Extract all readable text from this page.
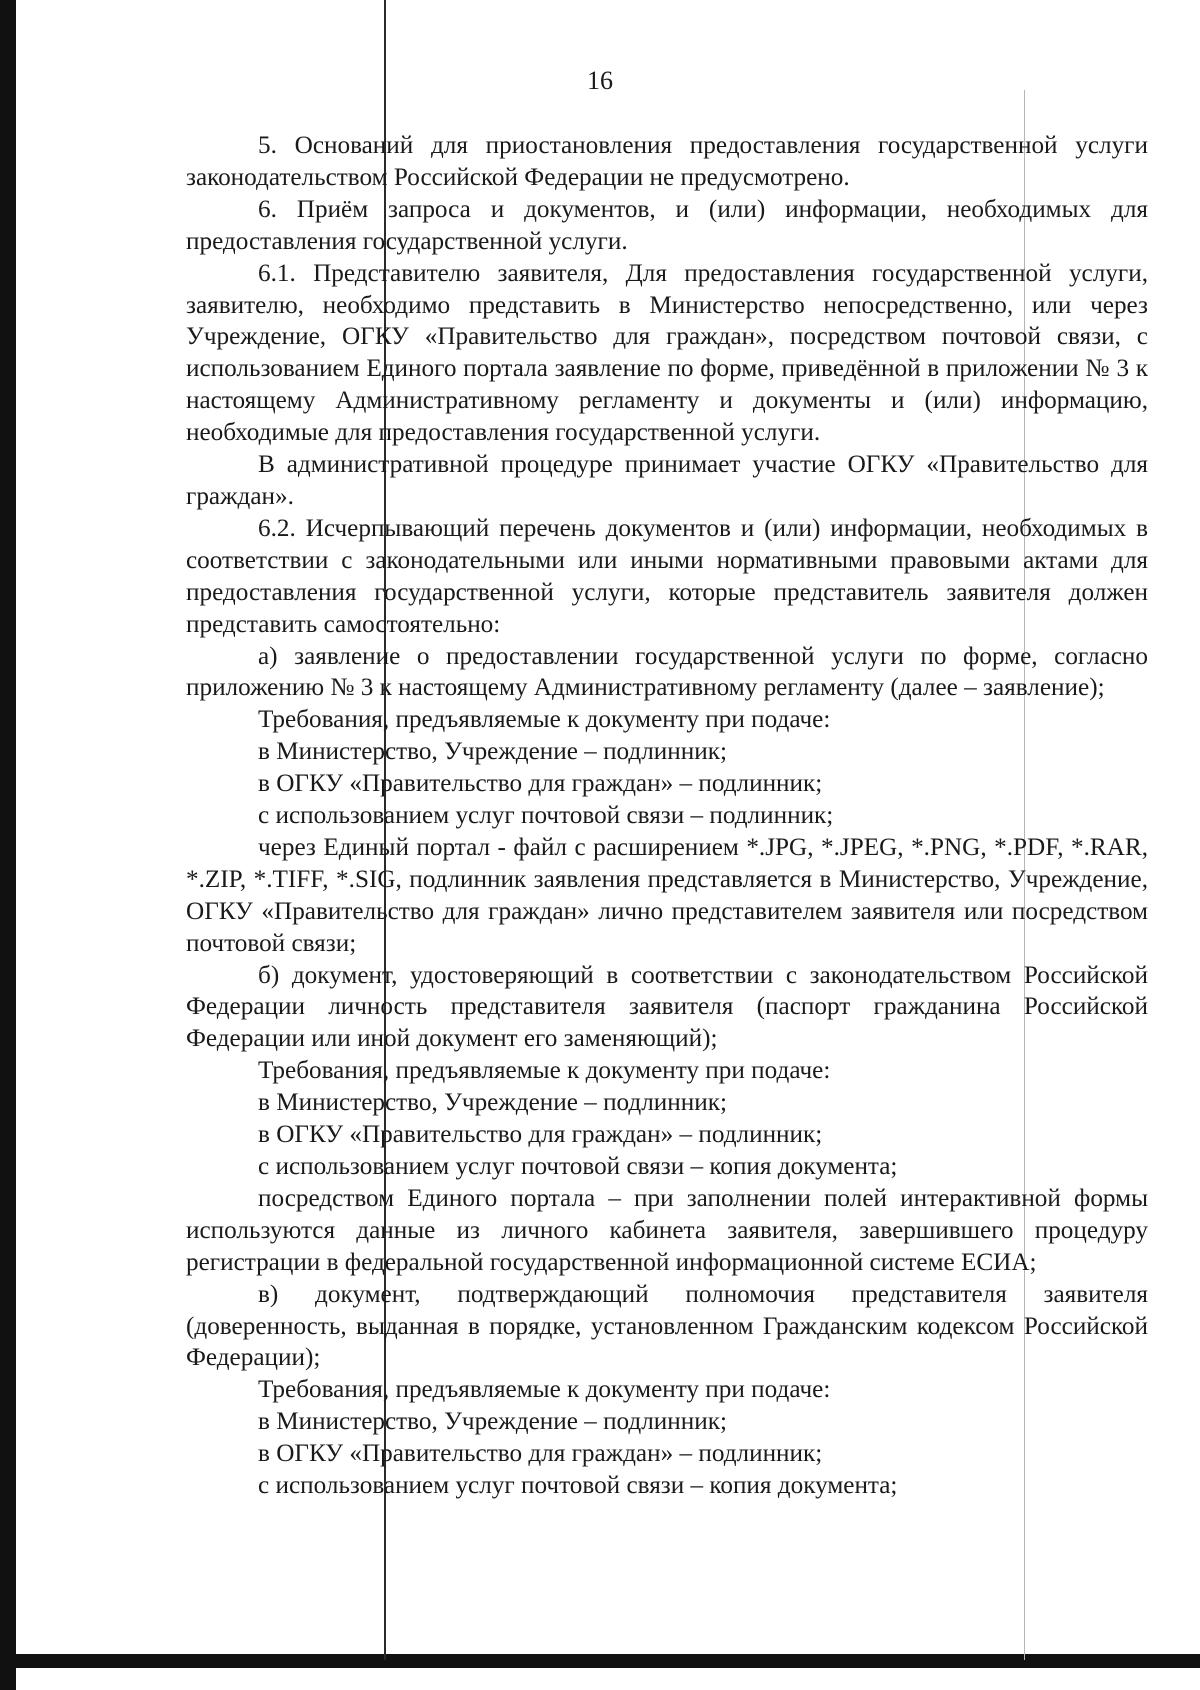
16

5. Оснований для приостановления предоставления государственной услуги законодательством Российской Федерации не предусмотрено.

6. Приём запроса и документов, и (или) информации, необходимых для предоставления государственной услуги.

6.1. Представителю заявителя, Для предоставления государственной услуги, заявителю, необходимо представить в Министерство непосредственно, или через Учреждение, ОГКУ «Правительство для граждан», посредством почтовой связи, с использованием Единого портала заявление по форме, приведённой в приложении № 3 к настоящему Административному регламенту и документы и (или) информацию, необходимые для предоставления государственной услуги.

В административной процедуре принимает участие ОГКУ «Правительство для граждан».

6.2. Исчерпывающий перечень документов и (или) информации, необходимых в соответствии с законодательными или иными нормативными правовыми актами для предоставления государственной услуги, которые представитель заявителя должен представить самостоятельно:

а) заявление о предоставлении государственной услуги по форме, согласно приложению № 3 к настоящему Административному регламенту (далее – заявление);

Требования, предъявляемые к документу при подаче:

в Министерство, Учреждение – подлинник;

в ОГКУ «Правительство для граждан» – подлинник;

с использованием услуг почтовой связи – подлинник;

через Единый портал - файл с расширением *.JPG, *.JPEG, *.PNG, *.PDF, *.RAR, *.ZIP, *.TIFF, *.SIG, подлинник заявления представляется в Министерство, Учреждение, ОГКУ «Правительство для граждан» лично представителем заявителя или посредством почтовой связи;

б) документ, удостоверяющий в соответствии с законодательством Российской Федерации личность представителя заявителя (паспорт гражданина Российской Федерации или иной документ его заменяющий);

Требования, предъявляемые к документу при подаче:

в Министерство, Учреждение – подлинник;

в ОГКУ «Правительство для граждан» – подлинник;

с использованием услуг почтовой связи – копия документа;

посредством Единого портала – при заполнении полей интерактивной формы используются данные из личного кабинета заявителя, завершившего процедуру регистрации в федеральной государственной информационной системе ЕСИА;

в) документ, подтверждающий полномочия представителя заявителя (доверенность, выданная в порядке, установленном Гражданским кодексом Российской Федерации);

Требования, предъявляемые к документу при подаче:

в Министерство, Учреждение – подлинник;

в ОГКУ «Правительство для граждан» – подлинник;

с использованием услуг почтовой связи – копия документа;
